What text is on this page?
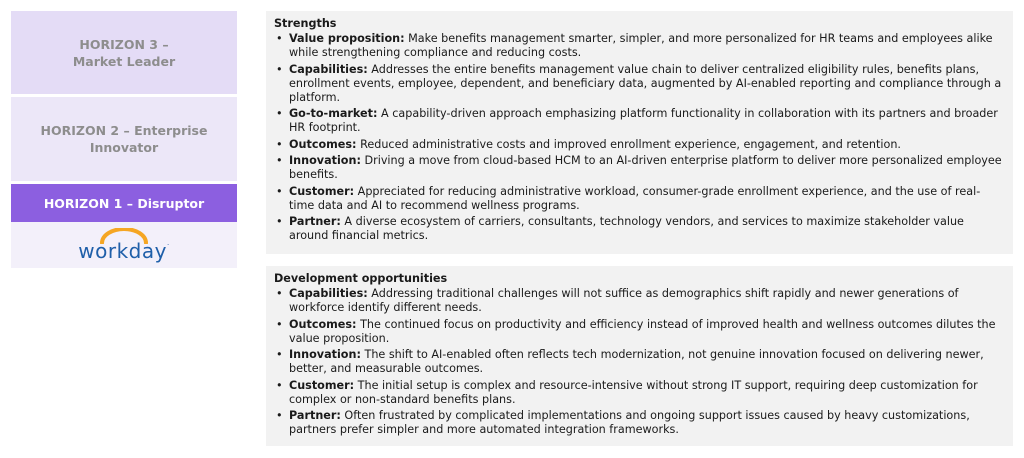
HORIZON 3 –
Market Leader
HORIZON 2 – Enterprise
Innovator
HORIZON 1 – Disruptor
workday.
Strengths
• Value proposition: Make benefits management smarter, simpler, and more personalized for HR teams and employees alike while strengthening compliance and reducing costs.
• Capabilities: Addresses the entire benefits management value chain to deliver centralized eligibility rules, benefits plans, enrollment events, employee, dependent, and beneficiary data, augmented by AI-enabled reporting and compliance through a platform.
• Go-to-market: A capability-driven approach emphasizing platform functionality in collaboration with its partners and broader HR footprint.
• Outcomes: Reduced administrative costs and improved enrollment experience, engagement, and retention.
• Innovation: Driving a move from cloud-based HCM to an AI-driven enterprise platform to deliver more personalized employee benefits.
• Customer: Appreciated for reducing administrative workload, consumer-grade enrollment experience, and the use of real-time data and AI to recommend wellness programs.
• Partner: A diverse ecosystem of carriers, consultants, technology vendors, and services to maximize stakeholder value around financial metrics.
Development opportunities
• Capabilities: Addressing traditional challenges will not suffice as demographics shift rapidly and newer generations of workforce identify different needs.
• Outcomes: The continued focus on productivity and efficiency instead of improved health and wellness outcomes dilutes the value proposition.
• Innovation: The shift to AI-enabled often reflects tech modernization, not genuine innovation focused on delivering newer, better, and measurable outcomes.
• Customer: The initial setup is complex and resource-intensive without strong IT support, requiring deep customization for complex or non-standard benefits plans.
• Partner: Often frustrated by complicated implementations and ongoing support issues caused by heavy customizations, partners prefer simpler and more automated integration frameworks.
